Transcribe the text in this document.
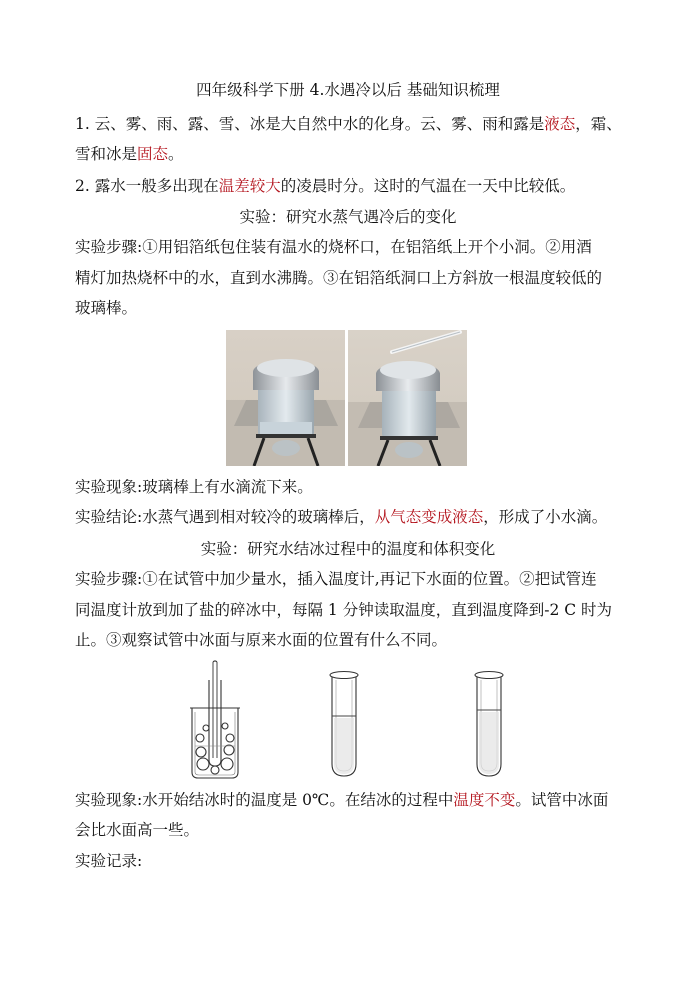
四年级科学下册 4.水遇冷以后 基础知识梳理
1. 云、雾、雨、露、雪、冰是大自然中水的化身。云、雾、雨和露是液态，霜、
雪和冰是固态。
2. 露水一般多出现在温差较大的凌晨时分。这时的气温在一天中比较低。
实验：研究水蒸气遇冷后的变化
实验步骤:①用铝箔纸包住装有温水的烧杯口，在铝箔纸上开个小洞。②用酒
精灯加热烧杯中的水，直到水沸腾。③在铝箔纸洞口上方斜放一根温度较低的
玻璃棒。
实验现象:玻璃棒上有水滴流下来。
实验结论:水蒸气遇到相对较冷的玻璃棒后，从气态变成液态，形成了小水滴。
实验：研究水结冰过程中的温度和体积变化
实验步骤:①在试管中加少量水，插入温度计,再记下水面的位置。②把试管连
同温度计放到加了盐的碎冰中，每隔 1 分钟读取温度，直到温度降到-2 C 时为
止。③观察试管中冰面与原来水面的位置有什么不同。
实验现象:水开始结冰时的温度是 0℃。在结冰的过程中温度不变。试管中冰面
会比水面高一些。
实验记录:
